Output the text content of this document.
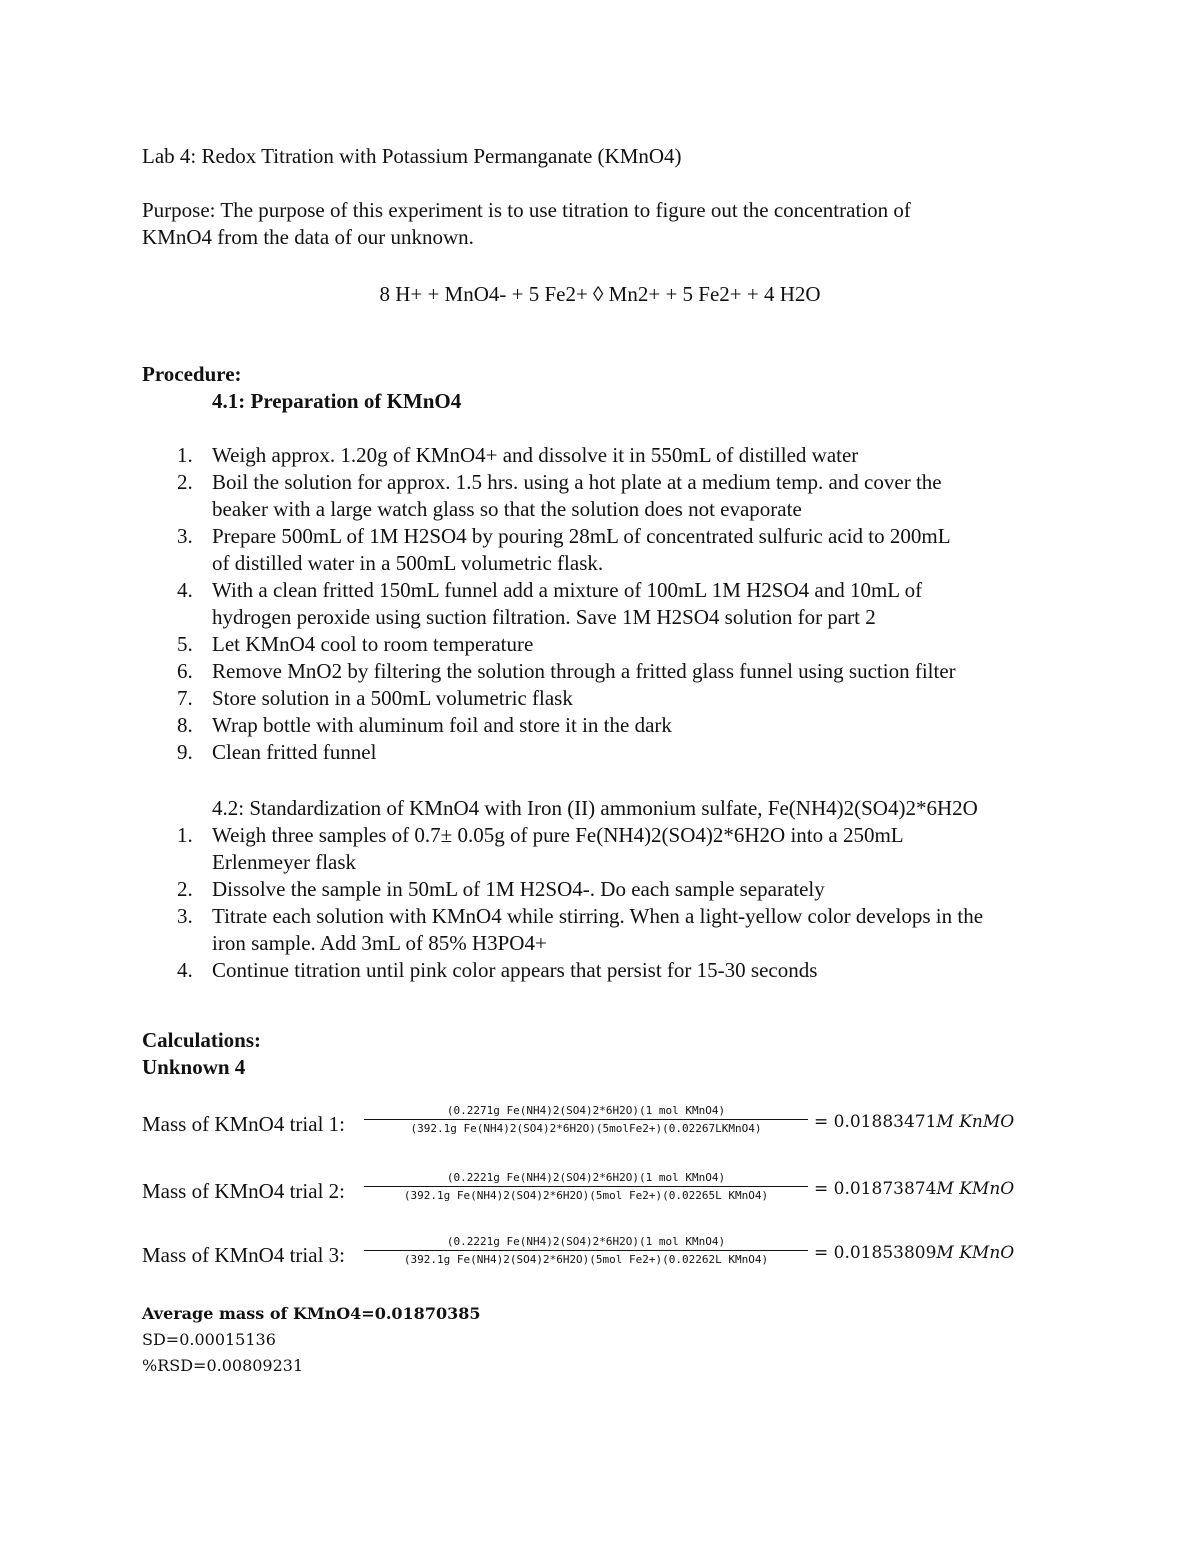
Lab 4: Redox Titration with Potassium Permanganate (KMnO4)
Purpose: The purpose of this experiment is to use titration to figure out the concentration of
KMnO4 from the data of our unknown.
8 H+ + MnO4- + 5 Fe2+ ◊ Mn2+ + 5 Fe2+ + 4 H2O
Procedure:
4.1: Preparation of KMnO4
1. Weigh approx. 1.20g of KMnO4+ and dissolve it in 550mL of distilled water
2. Boil the solution for approx. 1.5 hrs. using a hot plate at a medium temp. and cover the
beaker with a large watch glass so that the solution does not evaporate
3. Prepare 500mL of 1M H2SO4 by pouring 28mL of concentrated sulfuric acid to 200mL
of distilled water in a 500mL volumetric flask.
4. With a clean fritted 150mL funnel add a mixture of 100mL 1M H2SO4 and 10mL of
hydrogen peroxide using suction filtration. Save 1M H2SO4 solution for part 2
5. Let KMnO4 cool to room temperature
6. Remove MnO2 by filtering the solution through a fritted glass funnel using suction filter
7. Store solution in a 500mL volumetric flask
8. Wrap bottle with aluminum foil and store it in the dark
9. Clean fritted funnel
4.2: Standardization of KMnO4 with Iron (II) ammonium sulfate, Fe(NH4)2(SO4)2*6H2O
1. Weigh three samples of 0.7± 0.05g of pure Fe(NH4)2(SO4)2*6H2O into a 250mL
Erlenmeyer flask
2. Dissolve the sample in 50mL of 1M H2SO4-. Do each sample separately
3. Titrate each solution with KMnO4 while stirring. When a light-yellow color develops in the
iron sample. Add 3mL of 85% H3PO4+
4. Continue titration until pink color appears that persist for 15-30 seconds
Calculations:
Unknown 4
Mass of KMnO4 trial 1:
(0.2271g Fe(NH4)2(SO4)2*6H2O)(1 mol KMnO4)
(392.1g Fe(NH4)2(SO4)2*6H2O)(5molFe2+)(0.02267LKMnO4)	= 0.01883471M KnMO
Mass of KMnO4 trial 2:
(0.2221g Fe(NH4)2(SO4)2*6H2O)(1 mol KMnO4)
(392.1g Fe(NH4)2(SO4)2*6H2O)(5mol Fe2+)(0.02265L KMnO4)	= 0.01873874M KMnO
Mass of KMnO4 trial 3:
(0.2221g Fe(NH4)2(SO4)2*6H2O)(1 mol KMnO4)
(392.1g Fe(NH4)2(SO4)2*6H2O)(5mol Fe2+)(0.02262L KMnO4)	= 0.01853809M KMnO
Average mass of KMnO4=0.01870385
SD=0.00015136
%RSD=0.00809231
